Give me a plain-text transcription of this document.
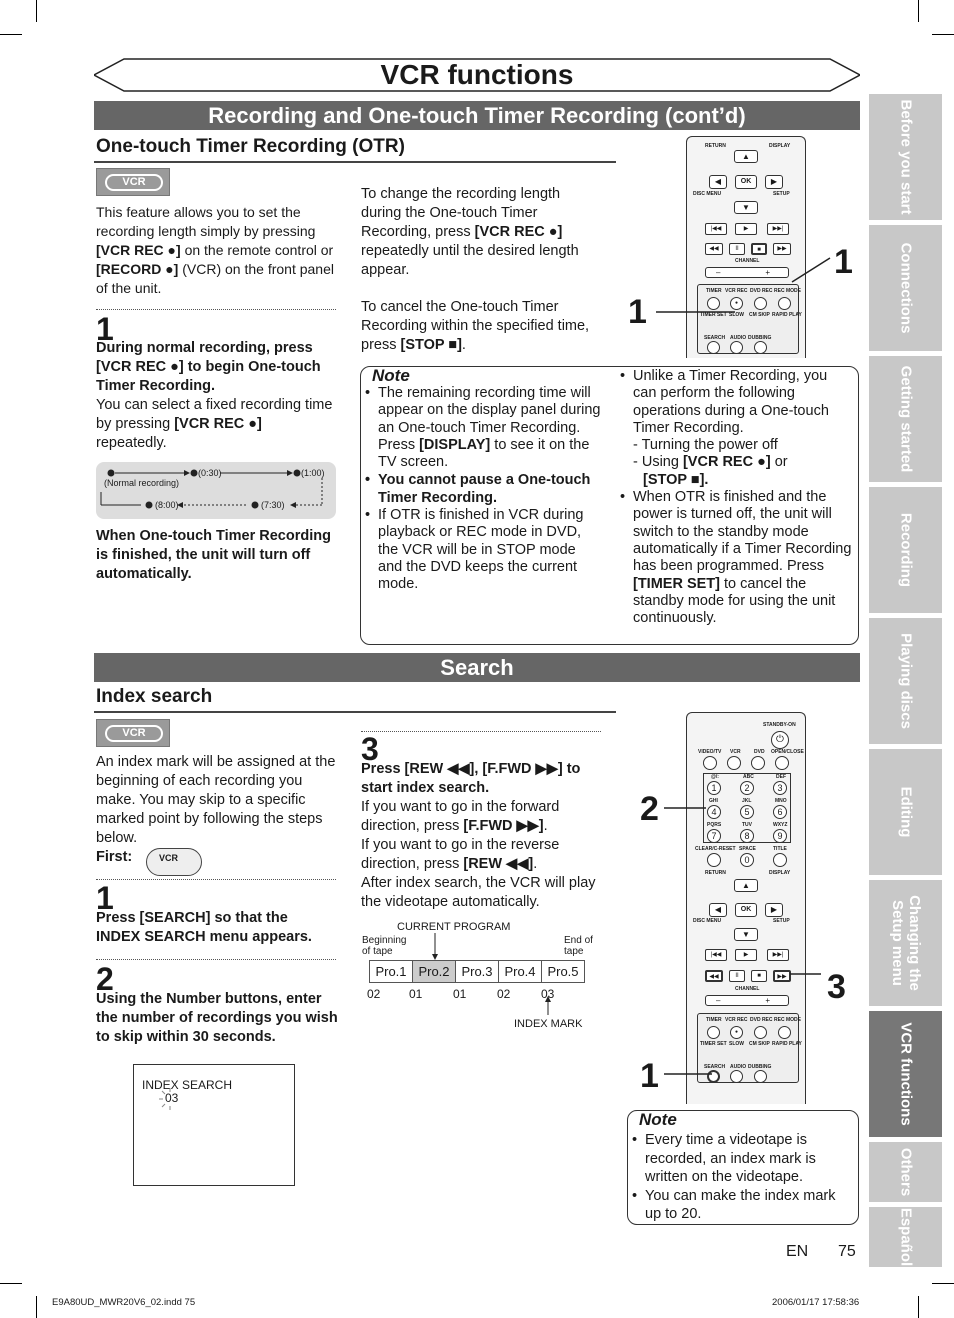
VCR functions
Recording and One-touch Timer Recording (cont’d)
One-touch Timer Recording (OTR)
VCR
This feature allows you to set the recording length simply by pressing [VCR REC ●] on the remote control or [RECORD ●] (VCR) on the front panel of the unit.
1
During normal recording, press [VCR REC ●] to begin One-touch Timer Recording.
You can select a fixed recording time by pressing [VCR REC ●] repeatedly.
(Normal recording)
(0:30)	(1:00)
(8:00)	(7:30)
When One-touch Timer Recording is finished, the unit will turn off automatically.
To change the recording length during the One-touch Timer Recording, press [VCR REC ●] repeatedly until the desired length appear.
To cancel the One-touch Timer Recording within the specified time, press [STOP ■].
RETURN	DISPLAY
▲
◀	OK	▶
DISC MENU	SETUP
▼
|◀◀	▶	▶▶|
◀◀	II	■	▶▶
CHANNEL
–	+
TIMER VCR REC DVD REC REC MODE
●
TIMER SET SLOW CM SKIP RAPID PLAY
SEARCH AUDIO DUBBING
1
1
Note
• The remaining recording time will appear on the display panel during an One-touch Timer Recording. Press [DISPLAY] to see it on the TV screen.
• You cannot pause a One-touch Timer Recording.
• If OTR is finished in VCR during playback or REC mode in DVD, the VCR will be in STOP mode and the DVD keeps the current mode.
• Unlike a Timer Recording, you can perform the following operations during a One-touch Timer Recording.
- Turning the power off
- Using [VCR REC ●] or
[STOP ■].
• When OTR is finished and the power is turned off, the unit will switch to the standby mode automatically if a Timer Recording has been programmed. Press [TIMER SET] to cancel the standby mode for using the unit continuously.
Search
Index search
VCR
An index mark will be assigned at the beginning of each recording you make. You may skip to a specific marked point by following the steps below.
First:	VCR
1
Press [SEARCH] so that the INDEX SEARCH menu appears.
2
Using the Number buttons, enter the number of recordings you wish to skip within 30 seconds.
INDEX SEARCH
03
3
Press [REW ◀◀], [F.FWD ▶▶] to start index search.
If you want to go in the forward direction, press [F.FWD ▶▶].
If you want to go in the reverse direction, press [REW ◀◀].
After index search, the VCR will play the videotape automatically.
CURRENT PROGRAM
Beginning of tape
End of tape
Pro.1	Pro.2	Pro.3	Pro.4	Pro.5
02 01	01	02	03
INDEX MARK
STANDBY-ON
⏻
VIDEO/TV VCR	DVD OPEN/CLOSE
@/:	ABC	DEF
1	2	3
GHI	JKL	MNO
4	5	6
PQRS	TUV	WXYZ
7	8	9
CLEAR/C-RESET SPACE	TITLE
0
RETURN	DISPLAY
▲
◀	OK	▶
DISC MENU	SETUP
▼
|◀◀	▶	▶▶|
◀◀	II	■	▶▶
CHANNEL
–	+
TIMER VCR REC DVD REC REC MODE
●
TIMER SET SLOW CM SKIP RAPID PLAY
SEARCH AUDIO DUBBING
2
3
1
Note
• Every time a videotape is recorded, an index mark is written on the videotape.
• You can make the index mark up to 20.
Before you start
Connections
Getting started
Recording
Playing discs
Editing
Changing the Setup menu
VCR functions
Others
Español
EN 75
E9A80UD_MWR20V6_02.indd 75	2006/01/17 17:58:36
